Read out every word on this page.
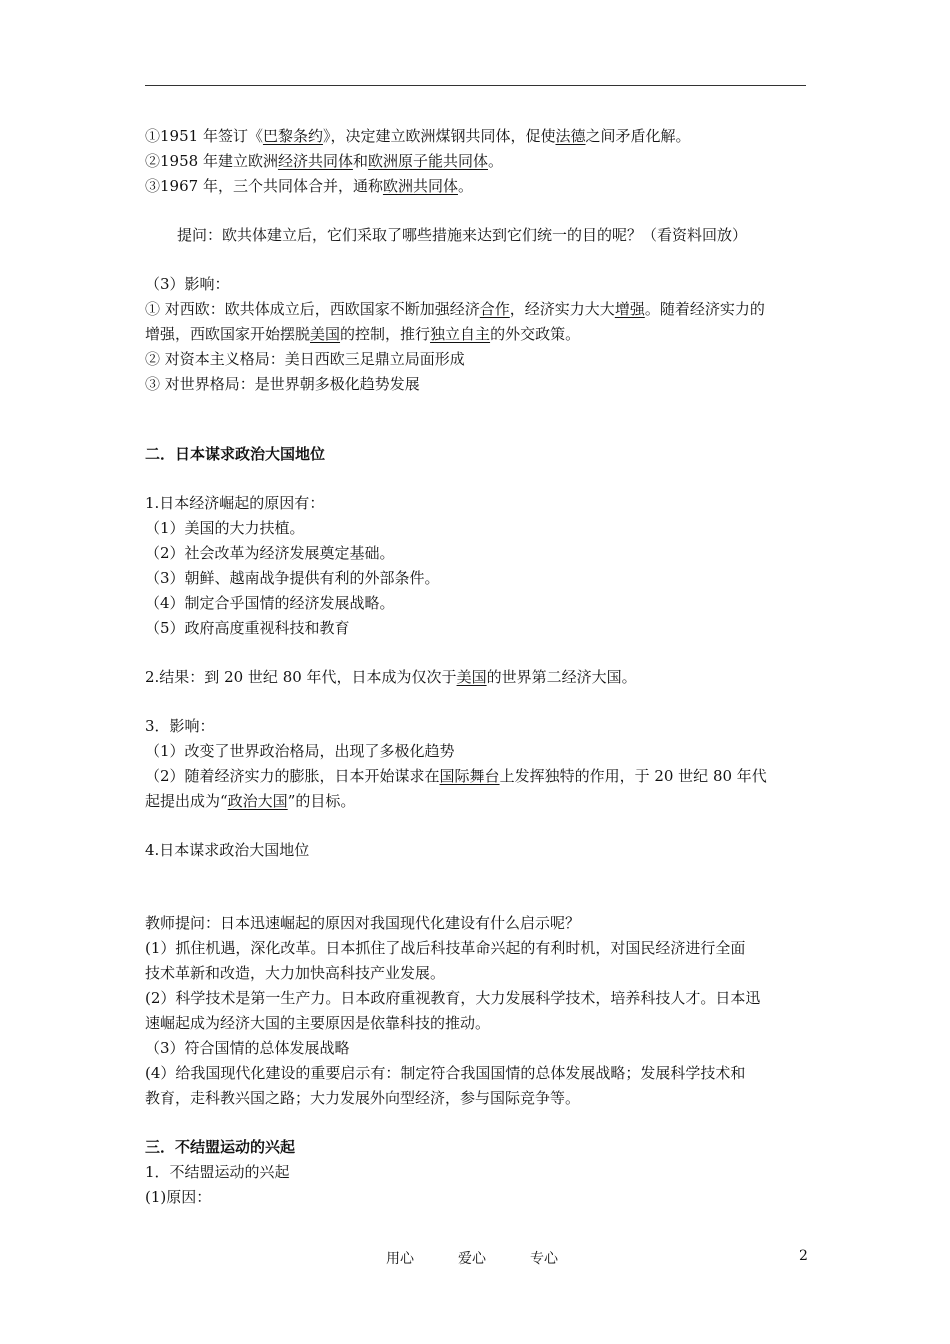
①1951 年签订《巴黎条约》，决定建立欧洲煤钢共同体，促使法德之间矛盾化解。
②1958 年建立欧洲经济共同体和欧洲原子能共同体。
③1967 年，三个共同体合并，通称欧洲共同体。
提问：欧共体建立后，它们采取了哪些措施来达到它们统一的目的呢？（看资料回放）
（3）影响：
① 对西欧：欧共体成立后，西欧国家不断加强经济合作，经济实力大大增强。随着经济实力的
增强，西欧国家开始摆脱美国的控制，推行独立自主的外交政策。
② 对资本主义格局：美日西欧三足鼎立局面形成
③ 对世界格局：是世界朝多极化趋势发展
二．日本谋求政治大国地位
1.日本经济崛起的原因有：
（1）美国的大力扶植。
（2）社会改革为经济发展奠定基础。
（3）朝鲜、越南战争提供有利的外部条件。
（4）制定合乎国情的经济发展战略。
（5）政府高度重视科技和教育
2.结果：到 20 世纪 80 年代，日本成为仅次于美国的世界第二经济大国。
3．影响：
（1）改变了世界政治格局，出现了多极化趋势
（2）随着经济实力的膨胀，日本开始谋求在国际舞台上发挥独特的作用，于 20 世纪 80 年代
起提出成为“政治大国”的目标。
4.日本谋求政治大国地位
教师提问：日本迅速崛起的原因对我国现代化建设有什么启示呢？
(1）抓住机遇，深化改革。日本抓住了战后科技革命兴起的有利时机，对国民经济进行全面
技术革新和改造，大力加快高科技产业发展。
(2）科学技术是第一生产力。日本政府重视教育，大力发展科学技术，培养科技人才。日本迅
速崛起成为经济大国的主要原因是依靠科技的推动。
（3）符合国情的总体发展战略
(4）给我国现代化建设的重要启示有：制定符合我国国情的总体发展战略；发展科学技术和
教育，走科教兴国之路；大力发展外向型经济，参与国际竞争等。
三．不结盟运动的兴起
1．不结盟运动的兴起
(1)原因：
用心	爱心	专心	2
